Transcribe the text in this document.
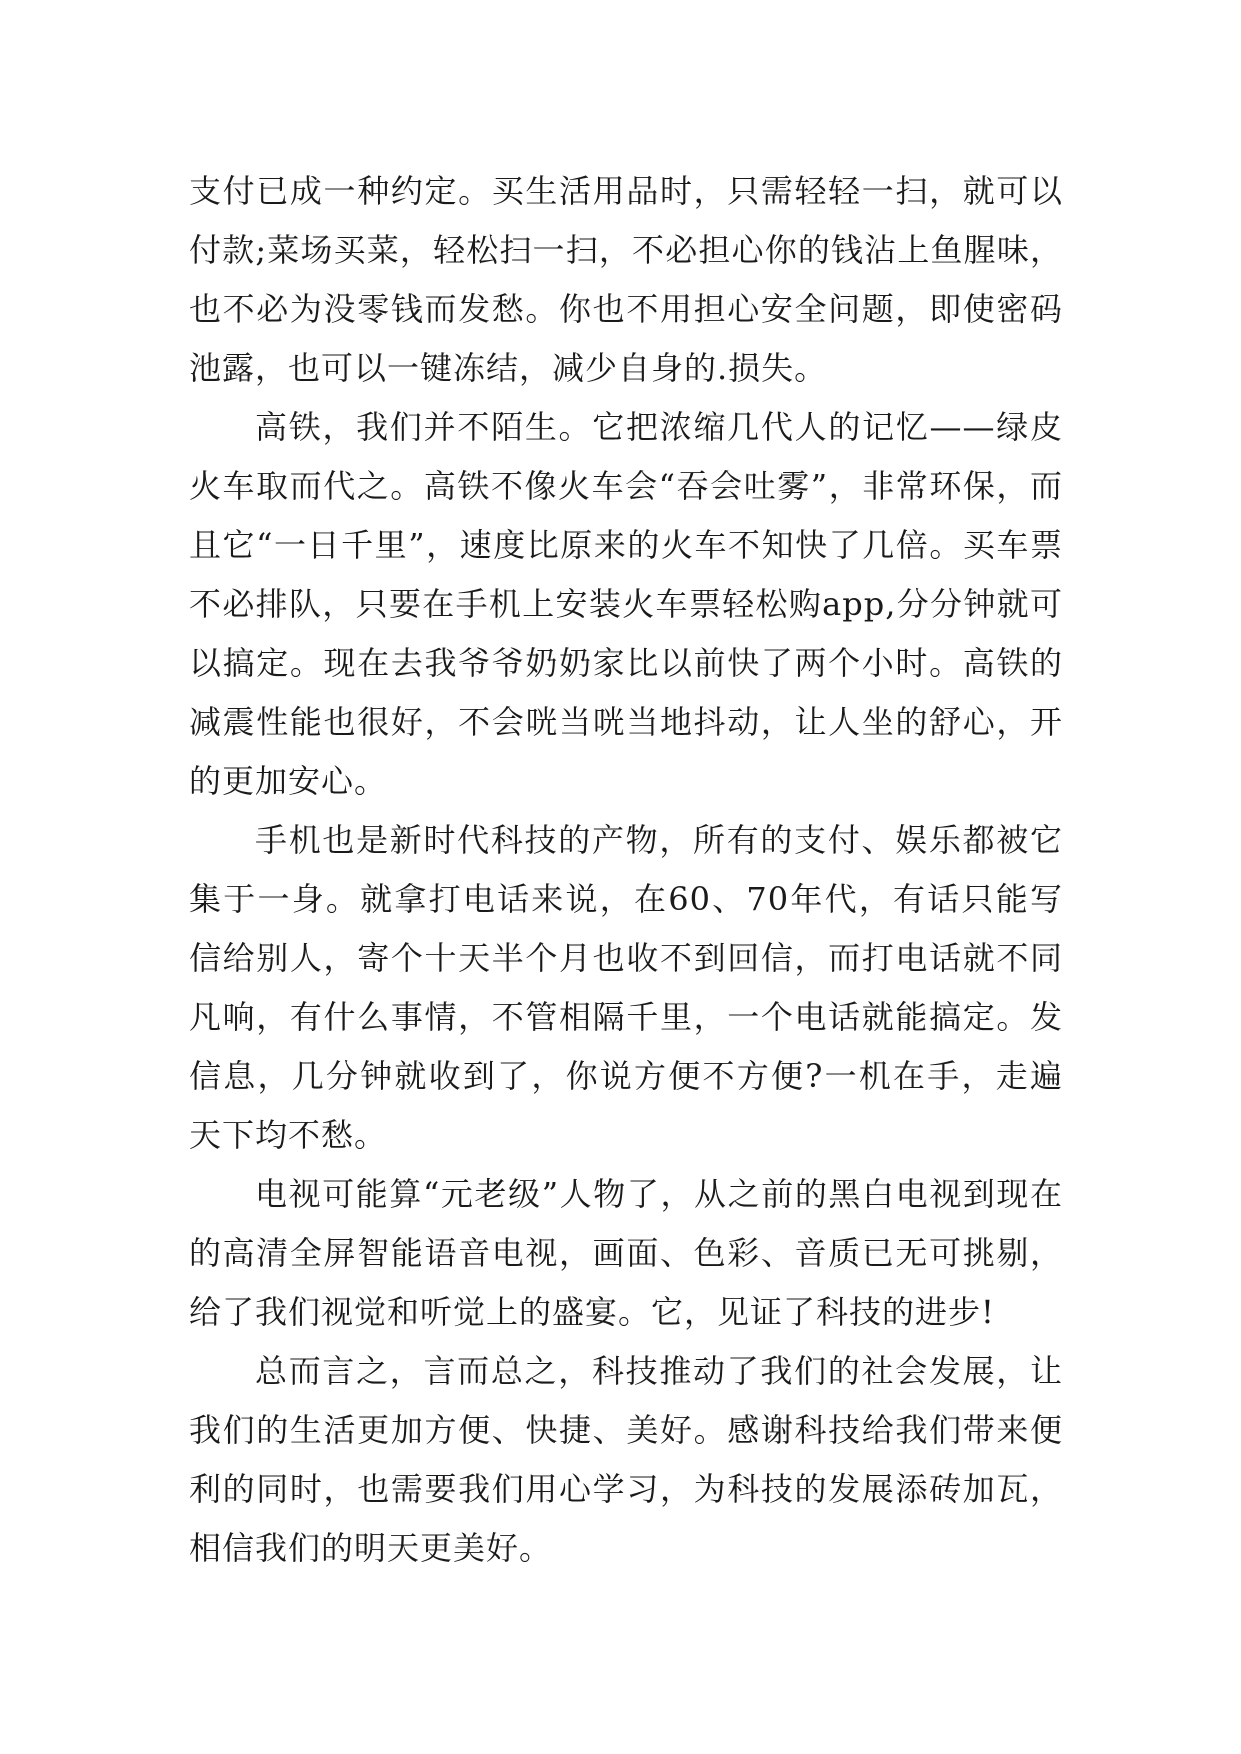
支付已成一种约定。买生活用品时，只需轻轻一扫，就可以付款;菜场买菜，轻松扫一扫，不必担心你的钱沾上鱼腥味，也不必为没零钱而发愁。你也不用担心安全问题，即使密码池露，也可以一键冻结，减少自身的.损失。

高铁，我们并不陌生。它把浓缩几代人的记忆——绿皮火车取而代之。高铁不像火车会“吞会吐雾”，非常环保，而且它“一日千里”，速度比原来的火车不知快了几倍。买车票不必排队，只要在手机上安装火车票轻松购app,分分钟就可以搞定。现在去我爷爷奶奶家比以前快了两个小时。高铁的减震性能也很好，不会咣当咣当地抖动，让人坐的舒心，开的更加安心。

手机也是新时代科技的产物，所有的支付、娱乐都被它集于一身。就拿打电话来说，在60、70年代，有话只能写信给别人，寄个十天半个月也收不到回信，而打电话就不同凡响，有什么事情，不管相隔千里，一个电话就能搞定。发信息，几分钟就收到了，你说方便不方便?一机在手，走遍天下均不愁。

电视可能算“元老级”人物了，从之前的黑白电视到现在的高清全屏智能语音电视，画面、色彩、音质已无可挑剔，给了我们视觉和听觉上的盛宴。它，见证了科技的进步!

总而言之，言而总之，科技推动了我们的社会发展，让我们的生活更加方便、快捷、美好。感谢科技给我们带来便利的同时，也需要我们用心学习，为科技的发展添砖加瓦，相信我们的明天更美好。
